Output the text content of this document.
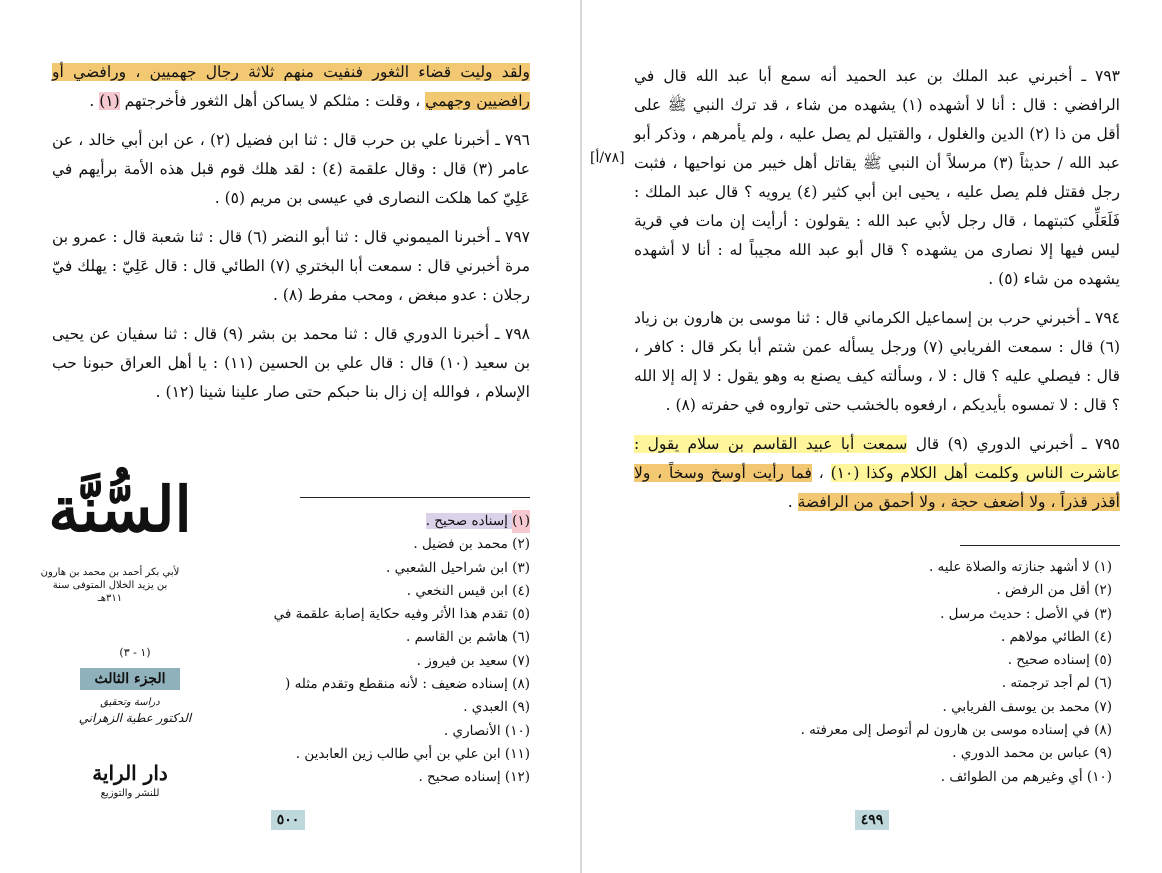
ولقد وليت قضاء الثغور فنفيت منهم ثلاثة رجال جهميين ، ورافضي أو رافضيين وجهمي ، وقلت : مثلكم لا يساكن أهل الثغور فأخرجتهم (١) .

٧٩٦ ـ أخبرنا علي بن حرب قال : ثنا ابن فضيل (٢) ، عن ابن أبي خالد ، عن عامر (٣) قال : وقال علقمة (٤) : لقد هلك قوم قبل هذه الأمة برأيهم في عَلِيّ كما هلكت النصارى في عيسى بن مريم (٥) .

٧٩٧ ـ أخبرنا الميموني قال : ثنا أبو النضر (٦) قال : ثنا شعبة قال : عمرو بن مرة أخبرني قال : سمعت أبا البختري (٧) الطائي قال : قال عَلِيّ : يهلك فيّ رجلان : عدو مبغض ، ومحب مفرط (٨) .

٧٩٨ ـ أخبرنا الدوري قال : ثنا محمد بن بشر (٩) قال : ثنا سفيان عن يحيى بن سعيد (١٠) قال : قال علي بن الحسين (١١) : يا أهل العراق حبونا حب الإسلام ، فوالله إن زال بنا حبكم حتى صار علينا شينا (١٢) .

(١) إسناده صحيح .
(٢) محمد بن فضيل .
(٣) ابن شراحيل الشعبي .
(٤) ابن قيس النخعي .
(٥) تقدم هذا الأثر وفيه حكاية إصابة علقمة في
(٦) هاشم بن القاسم .
(٧) سعيد بن فيروز .
(٨) إسناده ضعيف : لأنه منقطع وتقدم مثله (
(٩) العبدي .
(١٠) الأنصاري .
(١١) ابن علي بن أبي طالب زين العابدين .
(١٢) إسناده صحيح .
السُّنَّة
لأبي بكر أحمد بن محمد بن هارون بن يزيد الخلال المتوفى سنة ٣١١هـ
(١ - ٣)
الجزء الثالث
دراسة وتحقيق
الدكتور عطية الزهراني
دار الراية
للنشر والتوزيع
٥٠٠

٧٩٣ ـ أخبرني عبد الملك بن عبد الحميد أنه سمع أبا عبد الله قال في الرافضي : قال : أنا لا أشهده (١) يشهده من شاء ، قد ترك النبي ﷺ على أقل من ذا (٢) الدين والغلول ، والقتيل لم يصل عليه ، ولم يأمرهم ، وذكر أبو عبد الله / حديثاً (٣) مرسلاً أن النبي ﷺ يقاتل أهل خيبر من نواحيها ، فثبت رجل فقتل فلم يصل عليه ، يحيى ابن أبي كثير (٤) يرويه ؟ قال عبد الملك : فَلَعَلِّي كتبتهما ، قال رجل لأبي عبد الله : يقولون : أرأيت إن مات في قرية ليس فيها إلا نصارى من يشهده ؟ قال أبو عبد الله مجيباً له : أنا لا أشهده يشهده من شاء (٥) .

٧٩٤ ـ أخبرني حرب بن إسماعيل الكرماني قال : ثنا موسى بن هارون بن زياد (٦) قال : سمعت الفريابي (٧) ورجل يسأله عمن شتم أبا بكر قال : كافر ، قال : فيصلي عليه ؟ قال : لا ، وسألته كيف يصنع به وهو يقول : لا إله إلا الله ؟ قال : لا تمسوه بأيديكم ، ارفعوه بالخشب حتى تواروه في حفرته (٨) .

٧٩٥ ـ أخبرني الدوري (٩) قال سمعت أبا عبيد القاسم بن سلام يقول : عاشرت الناس وكلمت أهل الكلام وكذا (١٠) ، فما رأيت أوسخ وسخاً ، ولا أقذر قذراً ، ولا أضعف حجة ، ولا أحمق من الرافضة .

[٧٨/أ]
(١) لا أشهد جنازته والصلاة عليه .
(٢) أقل من الرفض .
(٣) في الأصل : حديث مرسل .
(٤) الطائي مولاهم .
(٥) إسناده صحيح .
(٦) لم أجد ترجمته .
(٧) محمد بن يوسف الفريابي .
(٨) في إسناده موسى بن هارون لم أتوصل إلى معرفته .
(٩) عباس بن محمد الدوري .
(١٠) أي وغيرهم من الطوائف .
٤٩٩
